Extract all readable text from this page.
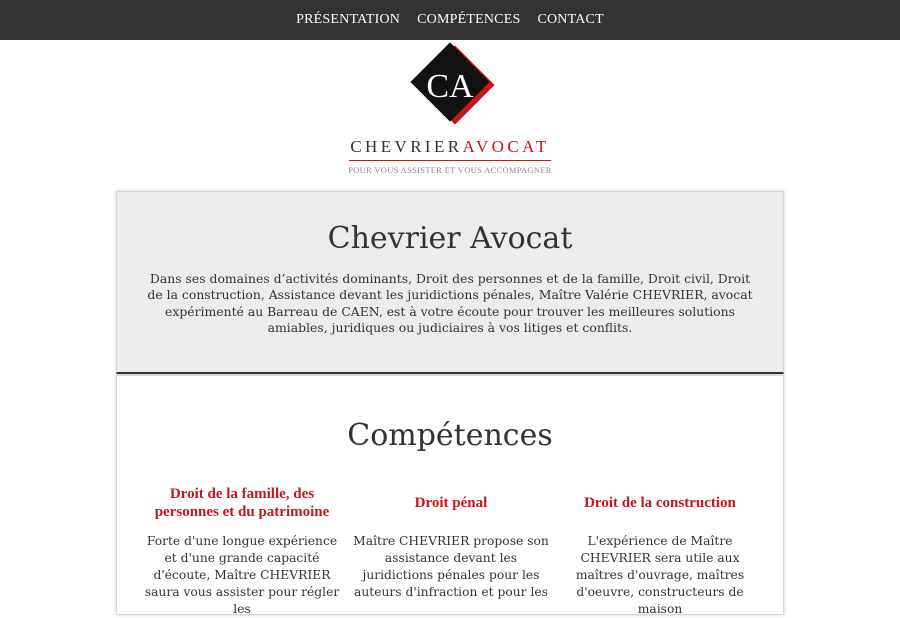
PRÉSENTATION COMPÉTENCES CONTACT
CA
CHEVRIERAVOCAT
POUR VOUS ASSISTER ET VOUS ACCOMPAGNER
Chevrier Avocat

Dans ses domaines d’activités dominants, Droit des personnes et de la famille, Droit civil, Droit de la construction, Assistance devant les juridictions pénales, Maître Valérie CHEVRIER, avocat expérimenté au Barreau de CAEN, est à votre écoute pour trouver les meilleures solutions amiables, juridiques ou judiciaires à vos litiges et conflits.

Compétences
Droit de la famille, des personnes et du patrimoine

Forte d'une longue expérience et d'une grande capacité d'écoute, Maître CHEVRIER saura vous assister pour régler les

Droit pénal

Maître CHEVRIER propose son assistance devant les juridictions pénales pour les auteurs d'infraction et pour les

Droit de la construction

L'expérience de Maître CHEVRIER sera utile aux maîtres d'ouvrage, maîtres d'oeuvre, constructeurs de maison
